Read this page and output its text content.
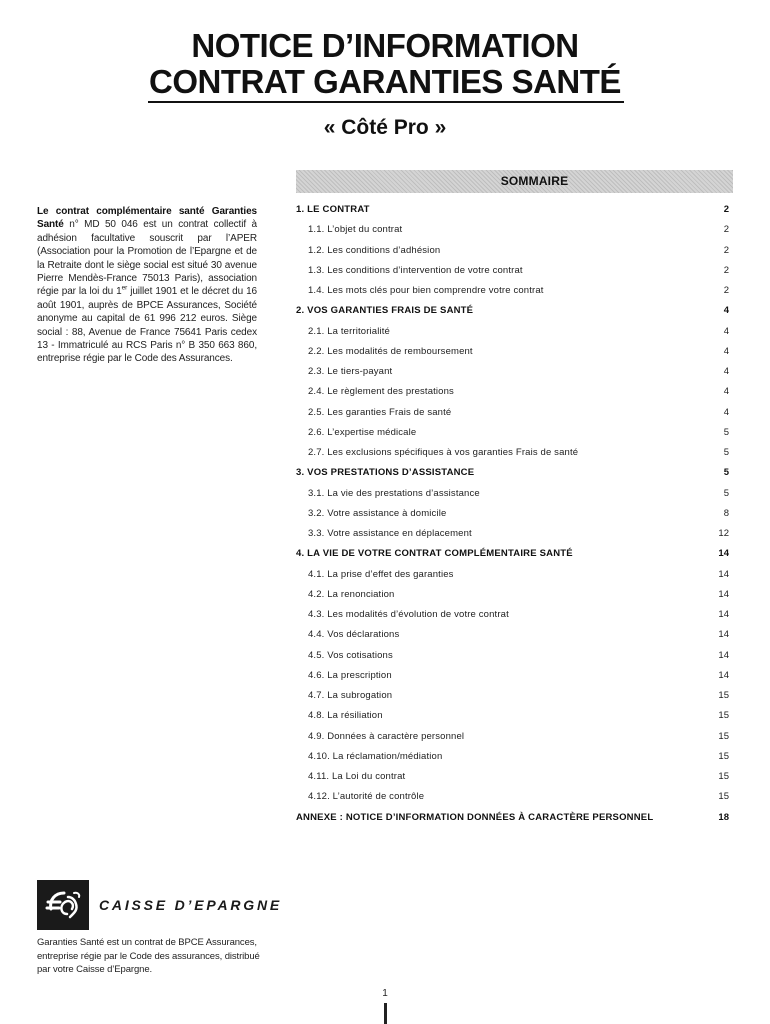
NOTICE D’INFORMATION
CONTRAT GARANTIES SANTÉ
« Côté Pro »
Le contrat complémentaire santé Garanties Santé n° MD 50 046 est un contrat collectif à adhésion facultative souscrit par l’APER (Association pour la Promotion de l’Epargne et de la Retraite dont le siège social est situé 30 avenue Pierre Mendès-France 75013 Paris), association régie par la loi du 1er juillet 1901 et le décret du 16 août 1901, auprès de BPCE Assurances, Société anonyme au capital de 61 996 212 euros. Siège social : 88, Avenue de France 75641 Paris cedex 13 - Immatriculé au RCS Paris n° B 350 663 860, entreprise régie par le Code des Assurances.
SOMMAIRE
1. LE CONTRAT	2
1.1. L’objet du contrat	2
1.2. Les conditions d’adhésion	2
1.3. Les conditions d’intervention de votre contrat	2
1.4. Les mots clés pour bien comprendre votre contrat	2
2. VOS GARANTIES FRAIS DE SANTÉ	4
2.1. La territorialité	4
2.2. Les modalités de remboursement	4
2.3. Le tiers-payant	4
2.4. Le règlement des prestations	4
2.5. Les garanties Frais de santé	4
2.6. L’expertise médicale	5
2.7. Les exclusions spécifiques à vos garanties Frais de santé	5
3. VOS PRESTATIONS D’ASSISTANCE	5
3.1. La vie des prestations d’assistance	5
3.2. Votre assistance à domicile	8
3.3. Votre assistance en déplacement	12
4. LA VIE DE VOTRE CONTRAT COMPLÉMENTAIRE SANTÉ	14
4.1. La prise d’effet des garanties	14
4.2. La renonciation	14
4.3. Les modalités d’évolution de votre contrat	14
4.4. Vos déclarations	14
4.5. Vos cotisations	14
4.6. La prescription	14
4.7. La subrogation	15
4.8. La résiliation	15
4.9. Données à caractère personnel	15
4.10. La réclamation/médiation	15
4.11. La Loi du contrat	15
4.12. L’autorité de contrôle	15
ANNEXE : NOTICE D’INFORMATION DONNÉES À CARACTÈRE PERSONNEL	18
CAISSE D’EPARGNE
Garanties Santé est un contrat de BPCE Assurances, entreprise régie par le Code des assurances, distribué par votre Caisse d’Epargne.
1
